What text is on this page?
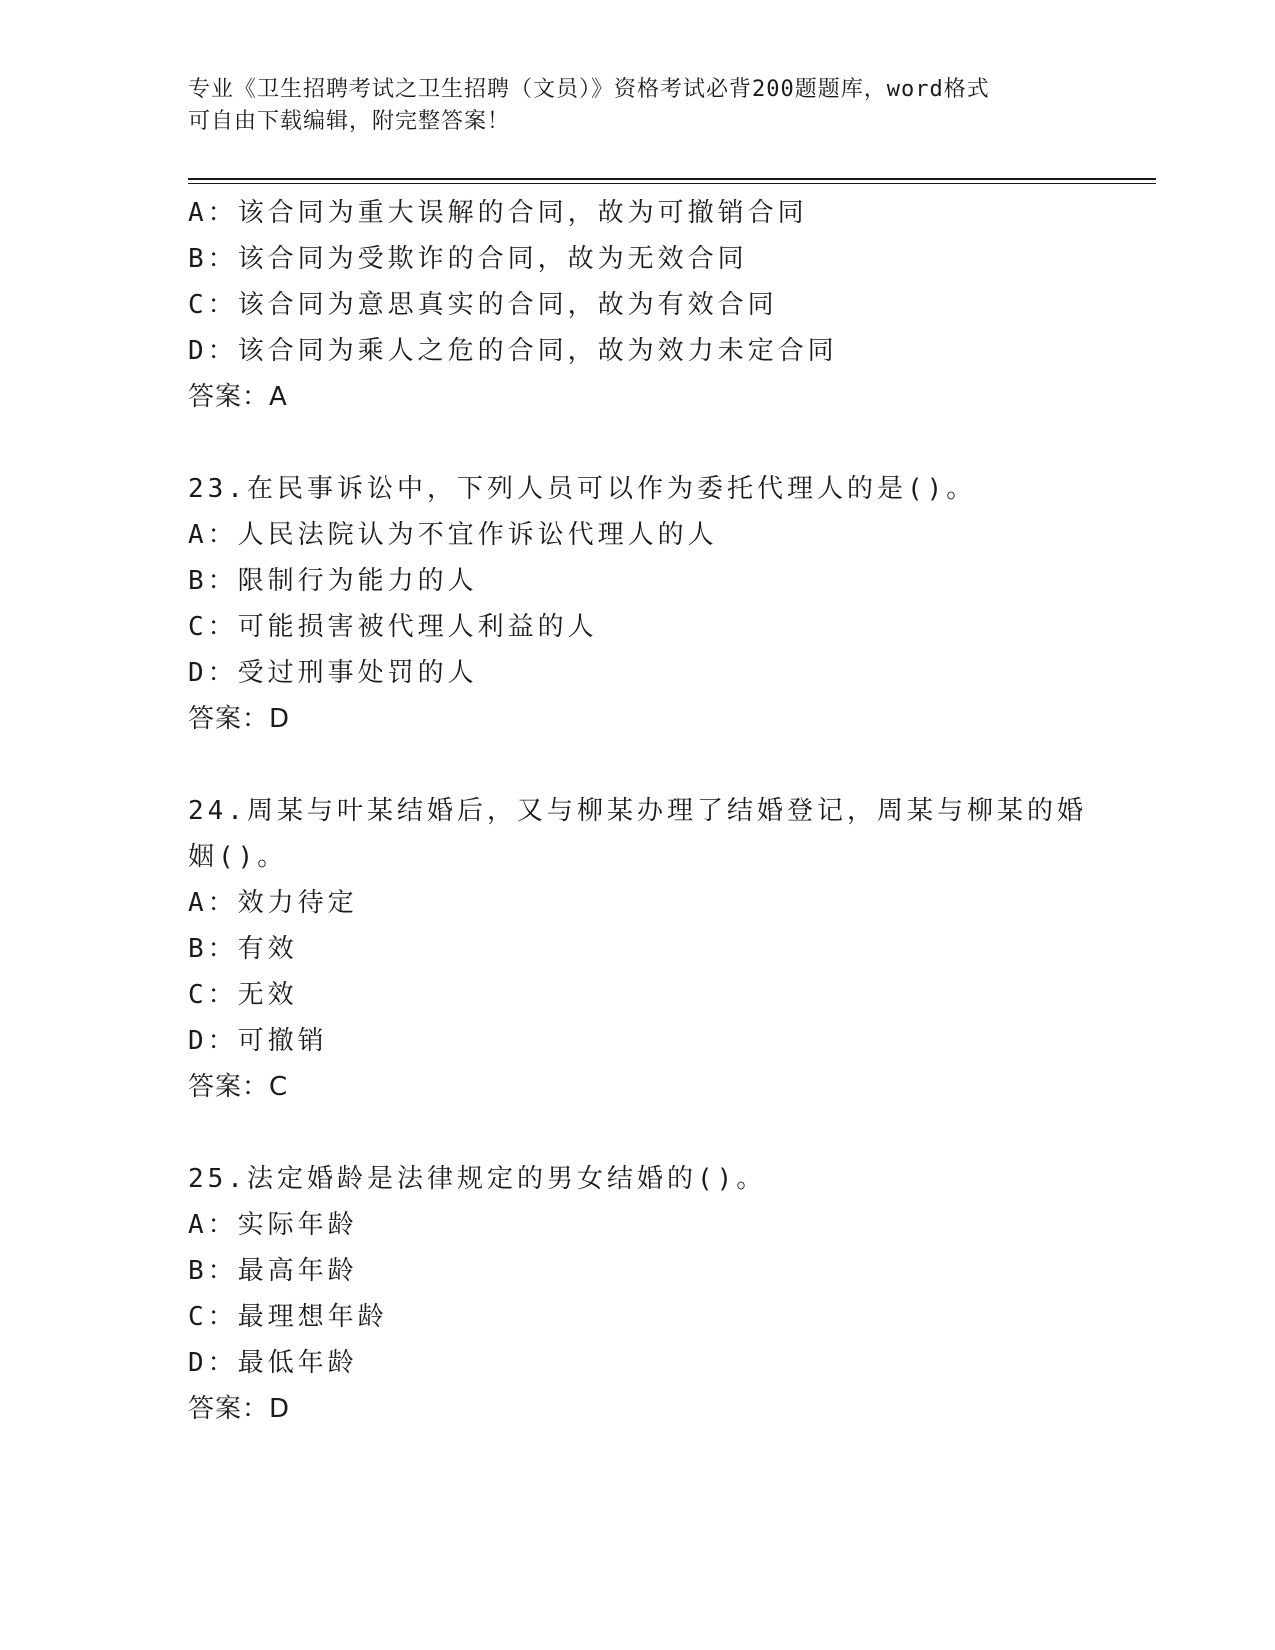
专业《卫生招聘考试之卫生招聘（文员）》资格考试必背200题题库，word格式
可自由下载编辑，附完整答案！
A：该合同为重大误解的合同，故为可撤销合同
B：该合同为受欺诈的合同，故为无效合同
C：该合同为意思真实的合同，故为有效合同
D：该合同为乘人之危的合同，故为效力未定合同
答案：A
23.在民事诉讼中，下列人员可以作为委托代理人的是()。
A：人民法院认为不宜作诉讼代理人的人
B：限制行为能力的人
C：可能损害被代理人利益的人
D：受过刑事处罚的人
答案：D
24.周某与叶某结婚后，又与柳某办理了结婚登记，周某与柳某的婚姻()。
A：效力待定
B：有效
C：无效
D：可撤销
答案：C
25.法定婚龄是法律规定的男女结婚的()。
A：实际年龄
B：最高年龄
C：最理想年龄
D：最低年龄
答案：D
